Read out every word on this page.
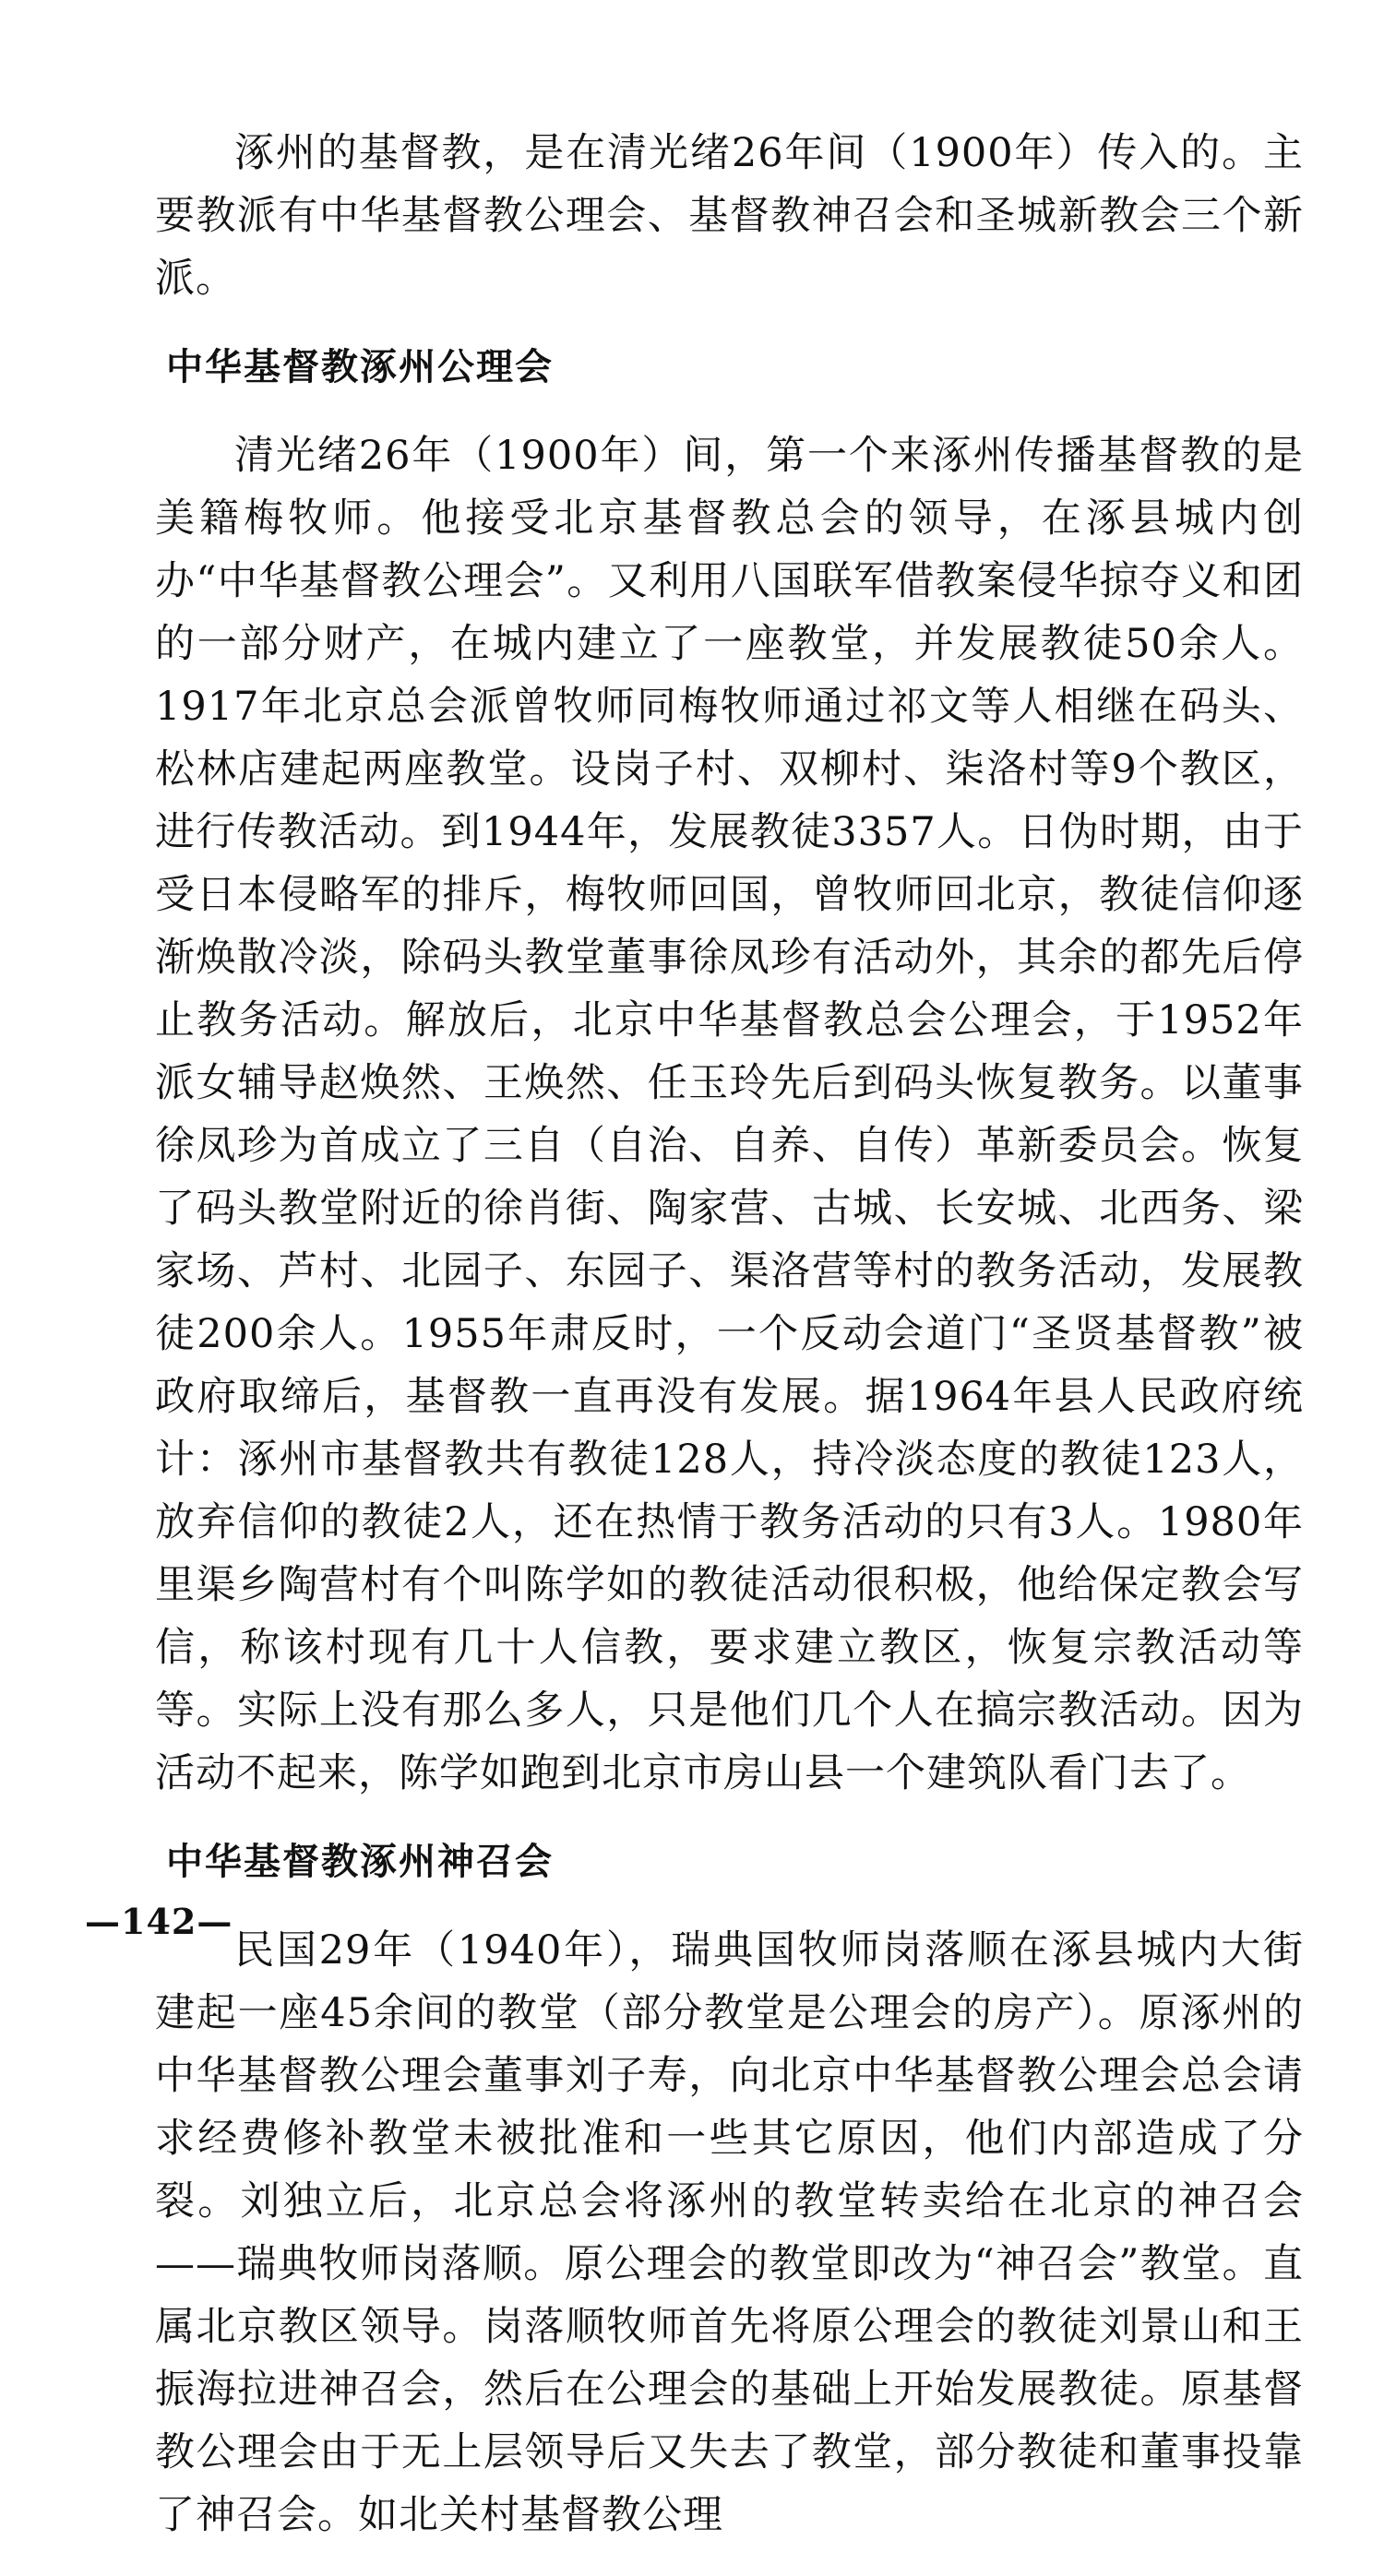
涿州的基督教，是在清光绪26年间（1900年）传入的。主要教派有中华基督教公理会、基督教神召会和圣城新教会三个新派。

中华基督教涿州公理会

清光绪26年（1900年）间，第一个来涿州传播基督教的是美籍梅牧师。他接受北京基督教总会的领导，在涿县城内创办“中华基督教公理会”。又利用八国联军借教案侵华掠夺义和团的一部分财产，在城内建立了一座教堂，并发展教徒50余人。1917年北京总会派曾牧师同梅牧师通过祁文等人相继在码头、松林店建起两座教堂。设岗子村、双柳村、柒洛村等9个教区，进行传教活动。到1944年，发展教徒3357人。日伪时期，由于受日本侵略军的排斥，梅牧师回国，曾牧师回北京，教徒信仰逐渐焕散冷淡，除码头教堂董事徐凤珍有活动外，其余的都先后停止教务活动。解放后，北京中华基督教总会公理会，于1952年派女辅导赵焕然、王焕然、任玉玲先后到码头恢复教务。以董事徐凤珍为首成立了三自（自治、自养、自传）革新委员会。恢复了码头教堂附近的徐肖街、陶家营、古城、长安城、北西务、梁家场、芦村、北园子、东园子、渠洛营等村的教务活动，发展教徒200余人。1955年肃反时，一个反动会道门“圣贤基督教”被政府取缔后，基督教一直再没有发展。据1964年县人民政府统计：涿州市基督教共有教徒128人，持冷淡态度的教徒123人，放弃信仰的教徒2人，还在热情于教务活动的只有3人。1980年里渠乡陶营村有个叫陈学如的教徒活动很积极，他给保定教会写信，称该村现有几十人信教，要求建立教区，恢复宗教活动等等。实际上没有那么多人，只是他们几个人在搞宗教活动。因为活动不起来，陈学如跑到北京市房山县一个建筑队看门去了。

中华基督教涿州神召会

民国29年（1940年），瑞典国牧师岗落顺在涿县城内大街建起一座45余间的教堂（部分教堂是公理会的房产）。原涿州的中华基督教公理会董事刘子寿，向北京中华基督教公理会总会请求经费修补教堂未被批准和一些其它原因，他们内部造成了分裂。刘独立后，北京总会将涿州的教堂转卖给在北京的神召会——瑞典牧师岗落顺。原公理会的教堂即改为“神召会”教堂。直属北京教区领导。岗落顺牧师首先将原公理会的教徒刘景山和王振海拉进神召会，然后在公理会的基础上开始发展教徒。原基督教公理会由于无上层领导后又失去了教堂，部分教徒和董事投靠了神召会。如北关村基督教公理

—142—
